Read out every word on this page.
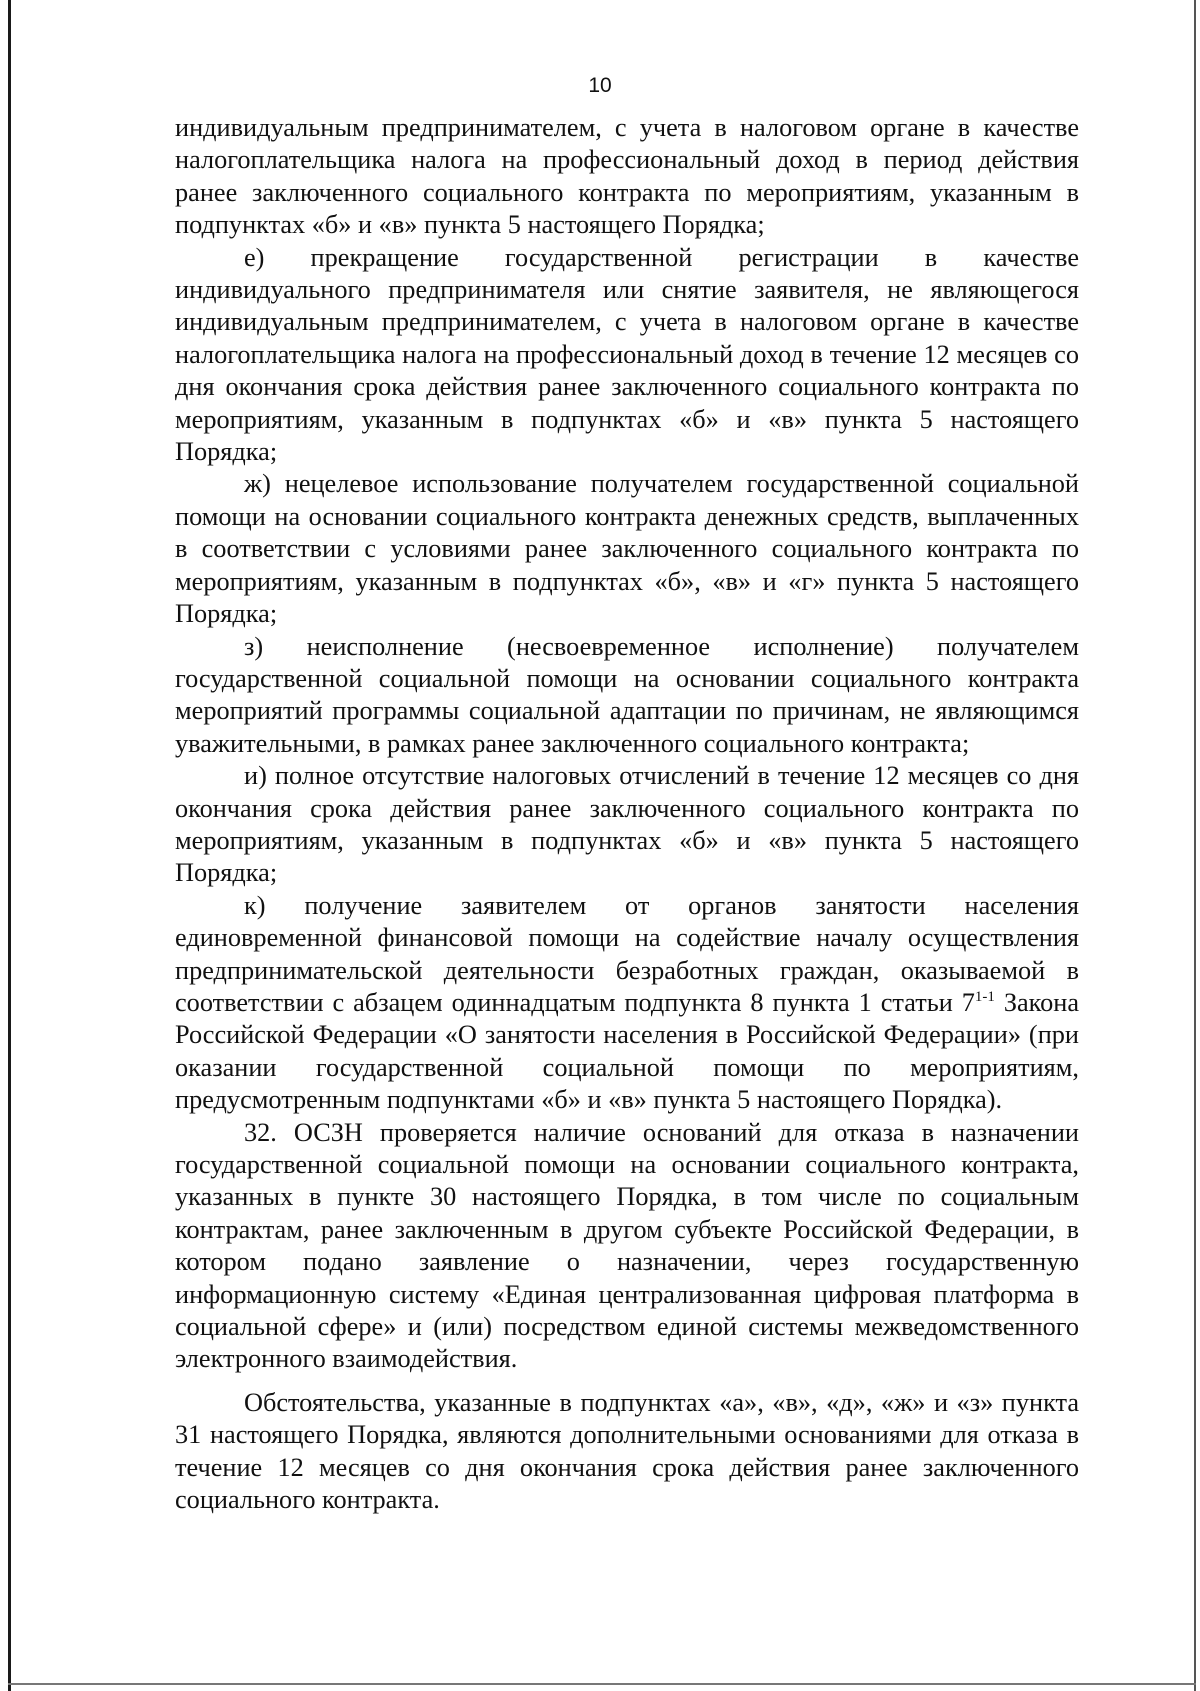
10

индивидуальным предпринимателем, с учета в налоговом органе в качестве налогоплательщика налога на профессиональный доход в период действия ранее заключенного социального контракта по мероприятиям, указанным в подпунктах «б» и «в» пункта 5 настоящего Порядка;

е) прекращение государственной регистрации в качестве индивидуального предпринимателя или снятие заявителя, не являющегося индивидуальным предпринимателем, с учета в налоговом органе в качестве налогоплательщика налога на профессиональный доход в течение 12 месяцев со дня окончания срока действия ранее заключенного социального контракта по мероприятиям, указанным в подпунктах «б» и «в» пункта 5 настоящего Порядка;

ж) нецелевое использование получателем государственной социальной помощи на основании социального контракта денежных средств, выплаченных в соответствии с условиями ранее заключенного социального контракта по мероприятиям, указанным в подпунктах «б», «в» и «г» пункта 5 настоящего Порядка;

з) неисполнение (несвоевременное исполнение) получателем государственной социальной помощи на основании социального контракта мероприятий программы социальной адаптации по причинам, не являющимся уважительными, в рамках ранее заключенного социального контракта;

и) полное отсутствие налоговых отчислений в течение 12 месяцев со дня окончания срока действия ранее заключенного социального контракта по мероприятиям, указанным в подпунктах «б» и «в» пункта 5 настоящего Порядка;

к) получение заявителем от органов занятости населения единовременной финансовой помощи на содействие началу осуществления предпринимательской деятельности безработных граждан, оказываемой в соответствии с абзацем одиннадцатым подпункта 8 пункта 1 статьи 7$^{1-1}$ Закона Российской Федерации «О занятости населения в Российской Федерации» (при оказании государственной социальной помощи по мероприятиям, предусмотренным подпунктами «б» и «в» пункта 5 настоящего Порядка).

32. ОСЗН проверяется наличие оснований для отказа в назначении государственной социальной помощи на основании социального контракта, указанных в пункте 30 настоящего Порядка, в том числе по социальным контрактам, ранее заключенным в другом субъекте Российской Федерации, в котором подано заявление о назначении, через государственную информационную систему «Единая централизованная цифровая платформа в социальной сфере» и (или) посредством единой системы межведомственного электронного взаимодействия.

Обстоятельства, указанные в подпунктах «а», «в», «д», «ж» и «з» пункта 31 настоящего Порядка, являются дополнительными основаниями для отказа в течение 12 месяцев со дня окончания срока действия ранее заключенного социального контракта.
